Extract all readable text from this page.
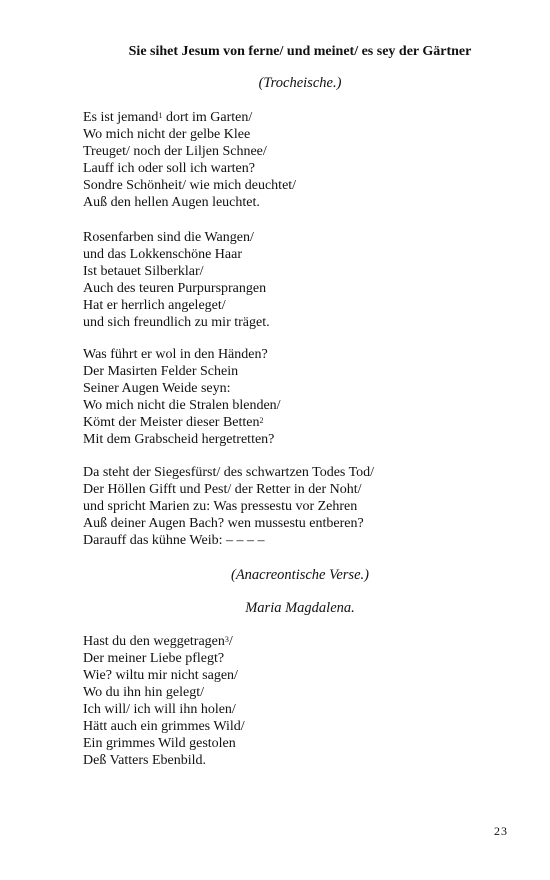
Sie sihet Jesum von ferne/ und meinet/ es sey der Gärtner
(Trocheische.)
Es ist jemand$^1$ dort im Garten/
Wo mich nicht der gelbe Klee
Treuget/ noch der Liljen Schnee/
Lauff ich oder soll ich warten?
Sondre Schönheit/ wie mich deuchtet/
Auß den hellen Augen leuchtet.
Rosenfarben sind die Wangen/
und das Lokkenschöne Haar
Ist betauet Silberklar/
Auch des teuren Purpursprangen
Hat er herrlich angeleget/
und sich freundlich zu mir träget.
Was führt er wol in den Händen?
Der Masirten Felder Schein
Seiner Augen Weide seyn:
Wo mich nicht die Stralen blenden/
Kömt der Meister dieser Betten$^2$
Mit dem Grabscheid hergetretten?
Da steht der Siegesfürst/ des schwartzen Todes Tod/
Der Höllen Gifft und Pest/ der Retter in der Noht/
und spricht Marien zu: Was pressestu vor Zehren
Auß deiner Augen Bach? wen mussestu entberen?
Darauff das kühne Weib: – – – –
(Anacreontische Verse.)
Maria Magdalena.
Hast du den weggetragen$^3$/
Der meiner Liebe pflegt?
Wie? wiltu mir nicht sagen/
Wo du ihn hin gelegt/
Ich will/ ich will ihn holen/
Hätt auch ein grimmes Wild/
Ein grimmes Wild gestolen
Deß Vatters Ebenbild.
23
